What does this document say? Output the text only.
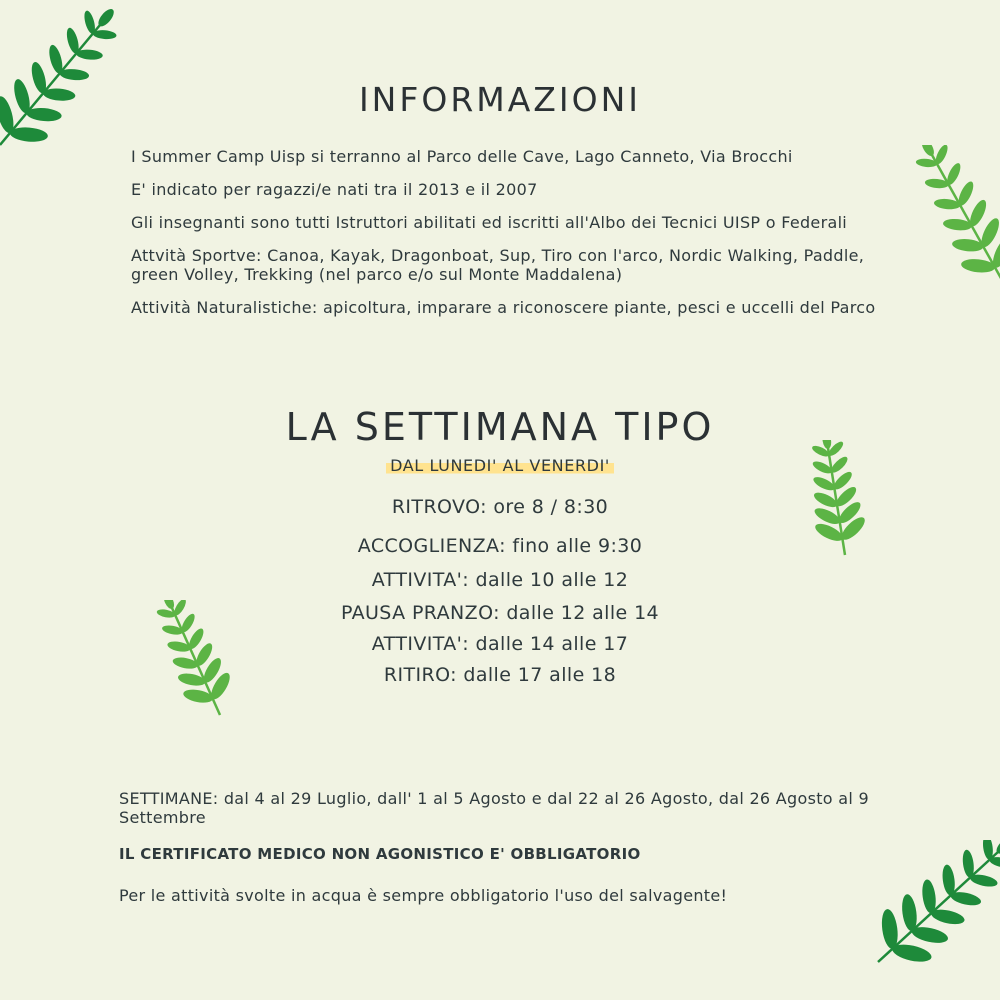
INFORMAZIONI

I Summer Camp Uisp si terranno al Parco delle Cave, Lago Canneto, Via Brocchi

E' indicato per ragazzi/e nati tra il 2013 e il 2007

Gli insegnanti sono tutti Istruttori abilitati ed iscritti all'Albo dei Tecnici UISP o Federali

Attvità Sportve: Canoa, Kayak, Dragonboat, Sup, Tiro con l'arco, Nordic Walking, Paddle, green Volley, Trekking (nel parco e/o sul Monte Maddalena)

Attività Naturalistiche: apicoltura, imparare a riconoscere piante, pesci e uccelli del Parco

LA SETTIMANA TIPO
DAL LUNEDI' AL VENERDI'
RITROVO: ore 8 / 8:30
ACCOGLIENZA: fino alle 9:30
ATTIVITA': dalle 10 alle 12
PAUSA PRANZO: dalle 12 alle 14
ATTIVITA': dalle 14 alle 17
RITIRO: dalle 17 alle 18
SETTIMANE: dal 4 al 29 Luglio, dall' 1 al 5 Agosto e dal 22 al 26 Agosto, dal 26 Agosto al 9 Settembre
IL CERTIFICATO MEDICO NON AGONISTICO E' OBBLIGATORIO
Per le attività svolte in acqua è sempre obbligatorio l'uso del salvagente!
